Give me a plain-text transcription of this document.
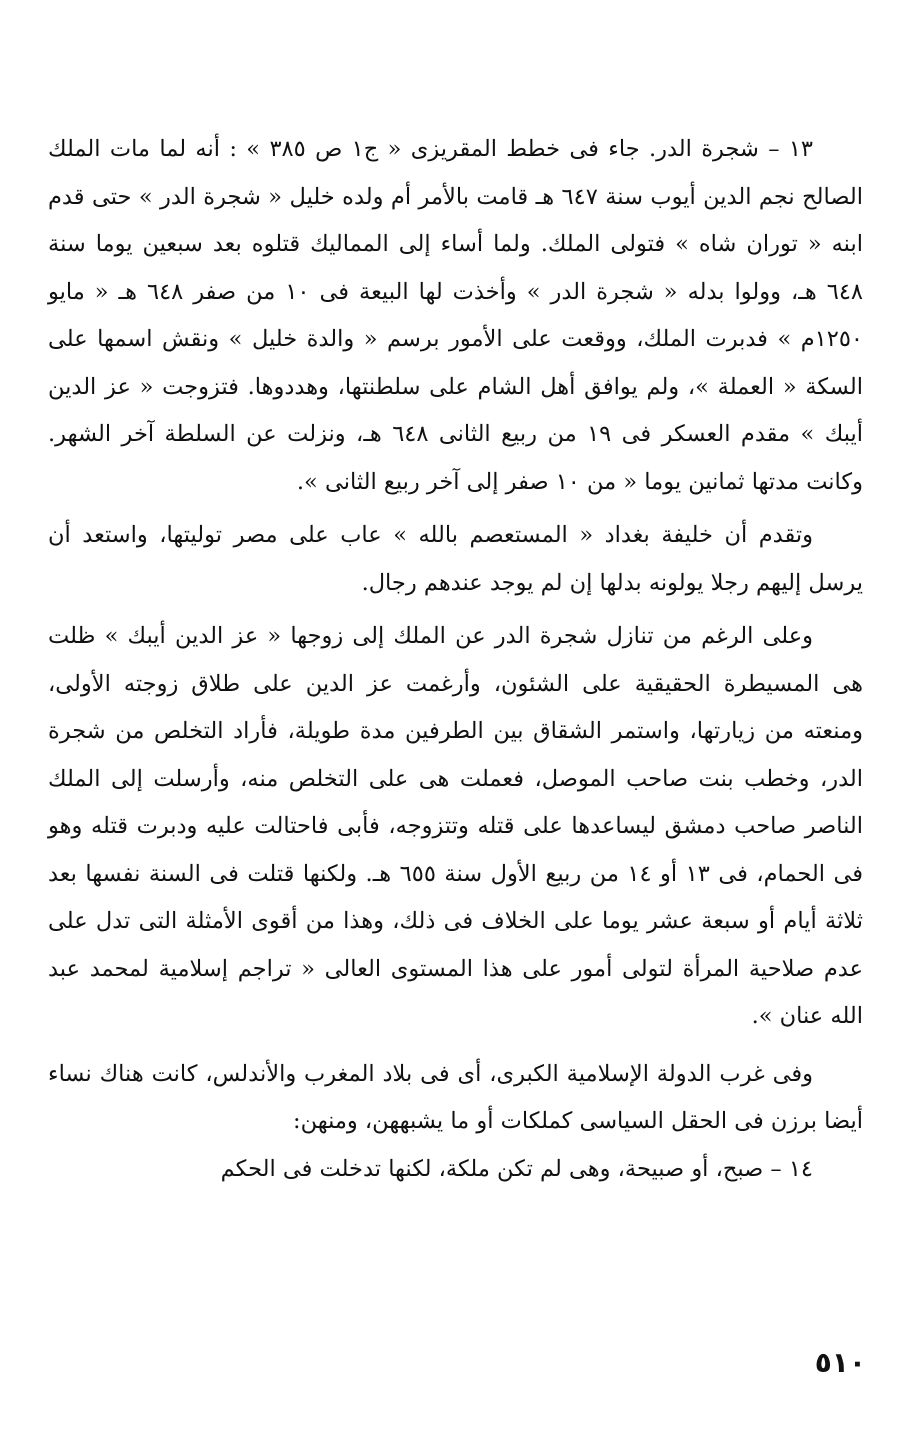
١٣ – شجرة الدر. جاء فى خطط المقريزى « ج١ ص ٣٨٥ » : أنه لما مات الملك الصالح نجم الدين أيوب سنة ٦٤٧ هـ قامت بالأمر أم ولده خليل « شجرة الدر » حتى قدم ابنه « توران شاه » فتولى الملك. ولما أساء إلى المماليك قتلوه بعد سبعين يوما سنة ٦٤٨ هـ، وولوا بدله « شجرة الدر » وأخذت لها البيعة فى ١٠ من صفر ٦٤٨ هـ « مايو ١٢٥٠م » فدبرت الملك، ووقعت على الأمور برسم « والدة خليل » ونقش اسمها على السكة « العملة »، ولم يوافق أهل الشام على سلطنتها، وهددوها. فتزوجت « عز الدين أيبك » مقدم العسكر فى ١٩ من ربيع الثانى ٦٤٨ هـ، ونزلت عن السلطة آخر الشهر. وكانت مدتها ثمانين يوما « من ١٠ صفر إلى آخر ربيع الثانى ».

وتقدم أن خليفة بغداد « المستعصم بالله » عاب على مصر توليتها، واستعد أن يرسل إليهم رجلا يولونه بدلها إن لم يوجد عندهم رجال.

وعلى الرغم من تنازل شجرة الدر عن الملك إلى زوجها « عز الدين أيبك » ظلت هى المسيطرة الحقيقية على الشئون، وأرغمت عز الدين على طلاق زوجته الأولى، ومنعته من زيارتها، واستمر الشقاق بين الطرفين مدة طويلة، فأراد التخلص من شجرة الدر، وخطب بنت صاحب الموصل، فعملت هى على التخلص منه، وأرسلت إلى الملك الناصر صاحب دمشق ليساعدها على قتله وتتزوجه، فأبى فاحتالت عليه ودبرت قتله وهو فى الحمام، فى ١٣ أو ١٤ من ربيع الأول سنة ٦٥٥ هـ. ولكنها قتلت فى السنة نفسها بعد ثلاثة أيام أو سبعة عشر يوما على الخلاف فى ذلك، وهذا من أقوى الأمثلة التى تدل على عدم صلاحية المرأة لتولى أمور على هذا المستوى العالى « تراجم إسلامية لمحمد عبد الله عنان ».

وفى غرب الدولة الإسلامية الكبرى، أى فى بلاد المغرب والأندلس، كانت هناك نساء أيضا برزن فى الحقل السياسى كملكات أو ما يشبههن، ومنهن:

١٤ – صبح، أو صبيحة، وهى لم تكن ملكة، لكنها تدخلت فى الحكم

٥١٠
